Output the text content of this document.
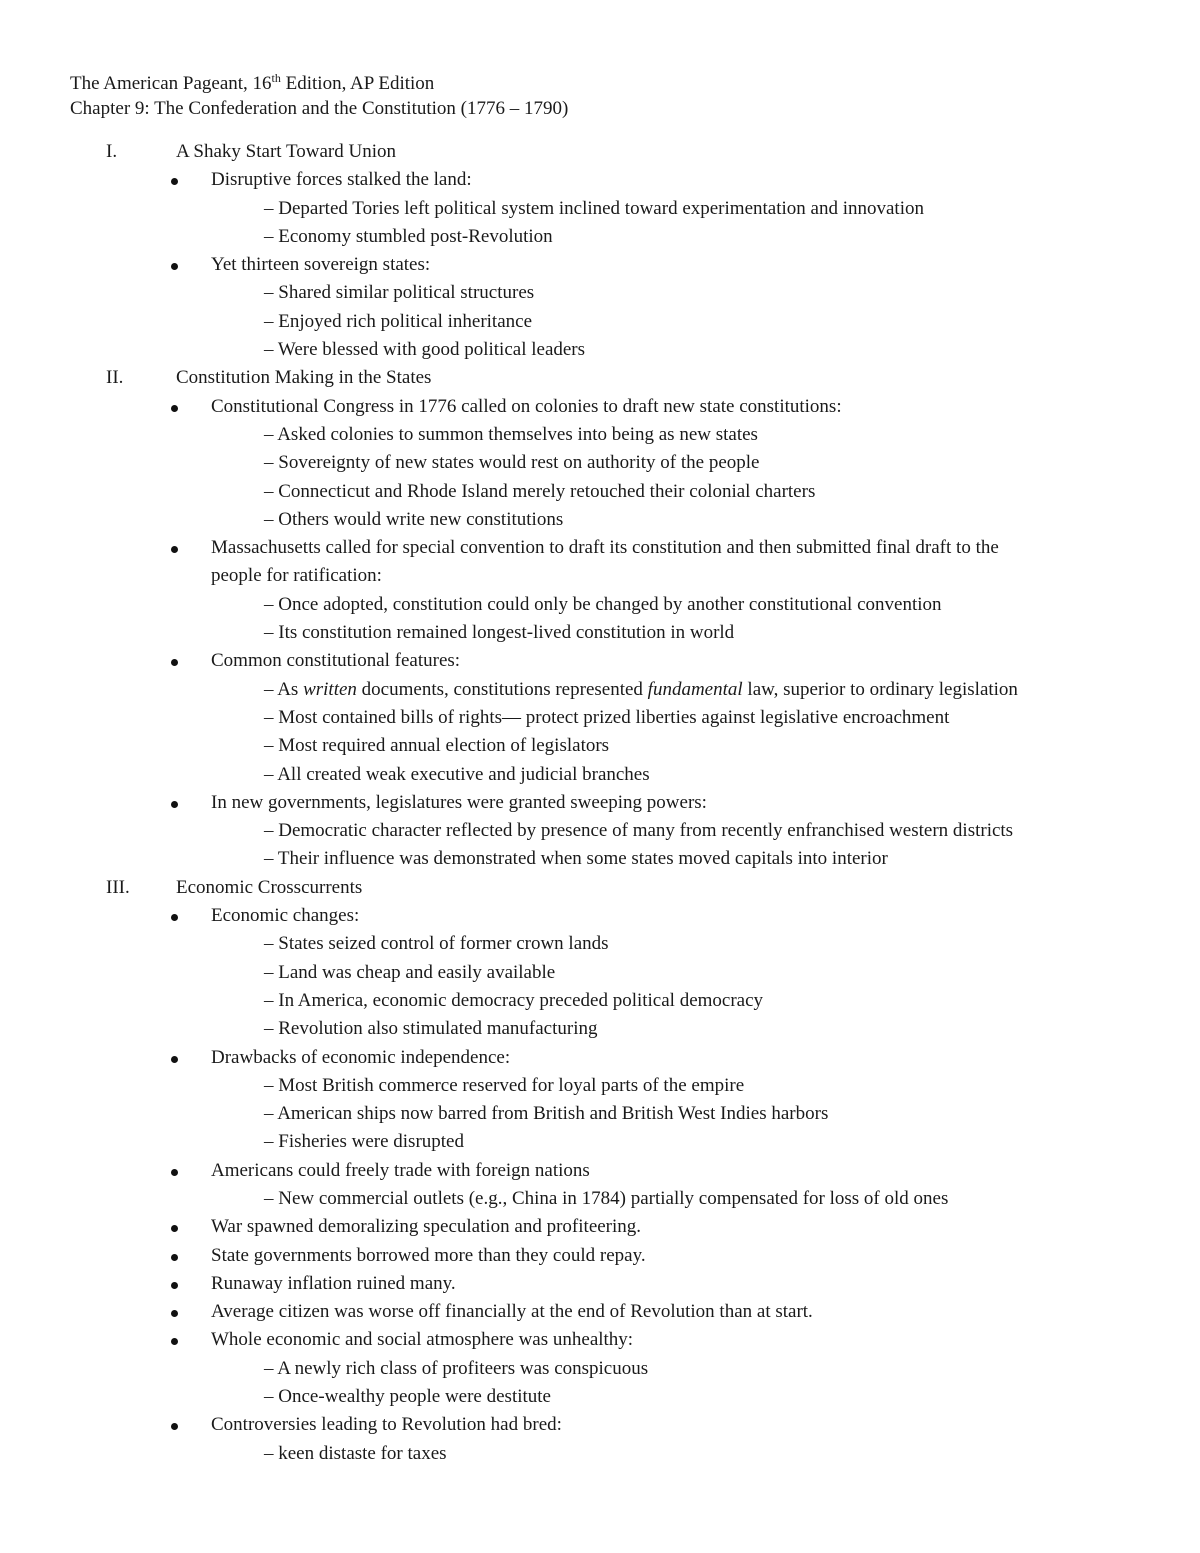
The American Pageant, 16th Edition, AP Edition
Chapter 9: The Confederation and the Constitution (1776 – 1790)
I.	A Shaky Start Toward Union
Disruptive forces stalked the land:
– Departed Tories left political system inclined toward experimentation and innovation
– Economy stumbled post-Revolution
Yet thirteen sovereign states:
– Shared similar political structures
– Enjoyed rich political inheritance
– Were blessed with good political leaders
II.	Constitution Making in the States
Constitutional Congress in 1776 called on colonies to draft new state constitutions:
– Asked colonies to summon themselves into being as new states
– Sovereignty of new states would rest on authority of the people
– Connecticut and Rhode Island merely retouched their colonial charters
– Others would write new constitutions
Massachusetts called for special convention to draft its constitution and then submitted final draft to the
people for ratification:
– Once adopted, constitution could only be changed by another constitutional convention
– Its constitution remained longest-lived constitution in world
Common constitutional features:
– As written documents, constitutions represented fundamental law, superior to ordinary legislation
– Most contained bills of rights— protect prized liberties against legislative encroachment
– Most required annual election of legislators
– All created weak executive and judicial branches
In new governments, legislatures were granted sweeping powers:
– Democratic character reflected by presence of many from recently enfranchised western districts
– Their influence was demonstrated when some states moved capitals into interior
III. Economic Crosscurrents
Economic changes:
– States seized control of former crown lands
– Land was cheap and easily available
– In America, economic democracy preceded political democracy
– Revolution also stimulated manufacturing
Drawbacks of economic independence:
– Most British commerce reserved for loyal parts of the empire
– American ships now barred from British and British West Indies harbors
– Fisheries were disrupted
Americans could freely trade with foreign nations
– New commercial outlets (e.g., China in 1784) partially compensated for loss of old ones
War spawned demoralizing speculation and profiteering.
State governments borrowed more than they could repay.
Runaway inflation ruined many.
Average citizen was worse off financially at the end of Revolution than at start.
Whole economic and social atmosphere was unhealthy:
– A newly rich class of profiteers was conspicuous
– Once-wealthy people were destitute
Controversies leading to Revolution had bred:
– keen distaste for taxes
